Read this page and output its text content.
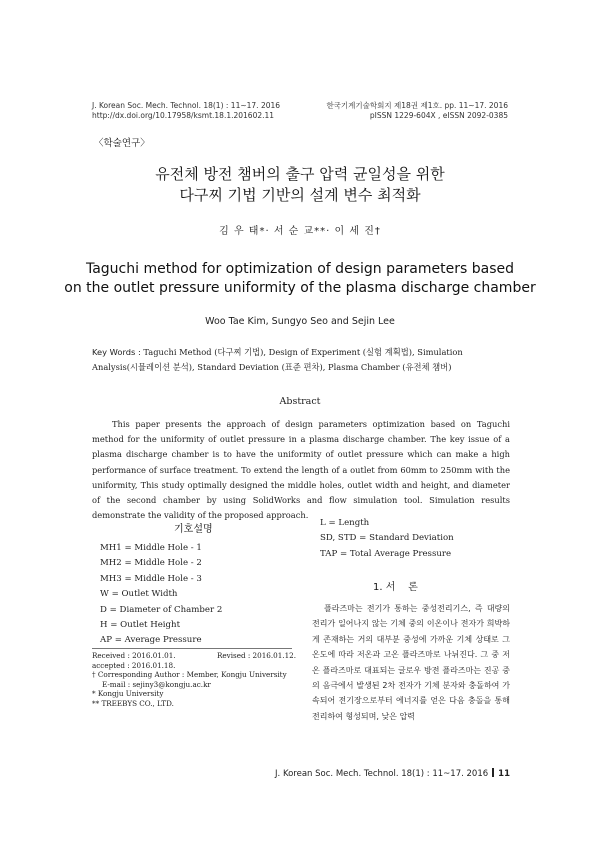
J. Korean Soc. Mech. Technol. 18(1) : 11~17. 2016
http://dx.doi.org/10.17958/ksmt.18.1.201602.11
한국기계기술학회지 제18권 제1호. pp. 11~17. 2016
pISSN 1229-604X , eISSN 2092-0385
〈학술연구〉
유전체 방전 챔버의 출구 압력 균일성을 위한
다구찌 기법 기반의 설계 변수 최적화
김 우 태*· 서 순 교**· 이 세 진†
Taguchi method for optimization of design parameters based
on the outlet pressure uniformity of the plasma discharge chamber
Woo Tae Kim, Sungyo Seo and Sejin Lee
Key Words : Taguchi Method (다구찌 기법), Design of Experiment (실험 계획법), Simulation Analysis(시뮬레이션 분석), Standard Deviation (표준 편차), Plasma Chamber (유전체 챔버)
Abstract
This paper presents the approach of design parameters optimization based on Taguchi method for the uniformity of outlet pressure in a plasma discharge chamber. The key issue of a plasma discharge chamber is to have the uniformity of outlet pressure which can make a high performance of surface treatment. To extend the length of a outlet from 60mm to 250mm with the uniformity, This study optimally designed the middle holes, outlet width and height, and diameter of the second chamber by using SolidWorks and flow simulation tool. Simulation results demonstrate the validity of the proposed approach.
기호설명
MH1 = Middle Hole - 1
MH2 = Middle Hole - 2
MH3 = Middle Hole - 3
W = Outlet Width
D = Diameter of Chamber 2
H = Outlet Height
AP = Average Pressure
L = Length
SD, STD = Standard Deviation
TAP = Total Average Pressure
Received : 2016.01.01.	Revised : 2016.01.12.
accepted : 2016.01.18.
† Corresponding Author : Member, Kongju University
E-mail : sejiny3@kongju.ac.kr
* Kongju University
** TREEBYS CO., LTD.
1. 서    론
플라즈마는 전기가 통하는 중성전리기스, 즉 대량의 전리가 일어나지 않는 기체 중의 이온이나 전자가 희박하게 존재하는 거의 대부분 중성에 가까운 기체 상태로 그 온도에 따라 저온과 고온 플라즈마로 나뉘진다. 그 중 저온 플라즈마로 대표되는 글로우 방전 플라즈마는 진공 중의 음극에서 발생된 2차 전자가 기체 분자와 충돌하여 가속되어 전기장으로부터 에너지를 얻은 다음 충돌을 통해 전리하여 형성되며, 낮은 압력
J. Korean Soc. Mech. Technol. 18(1) : 11~17. 2016 11
